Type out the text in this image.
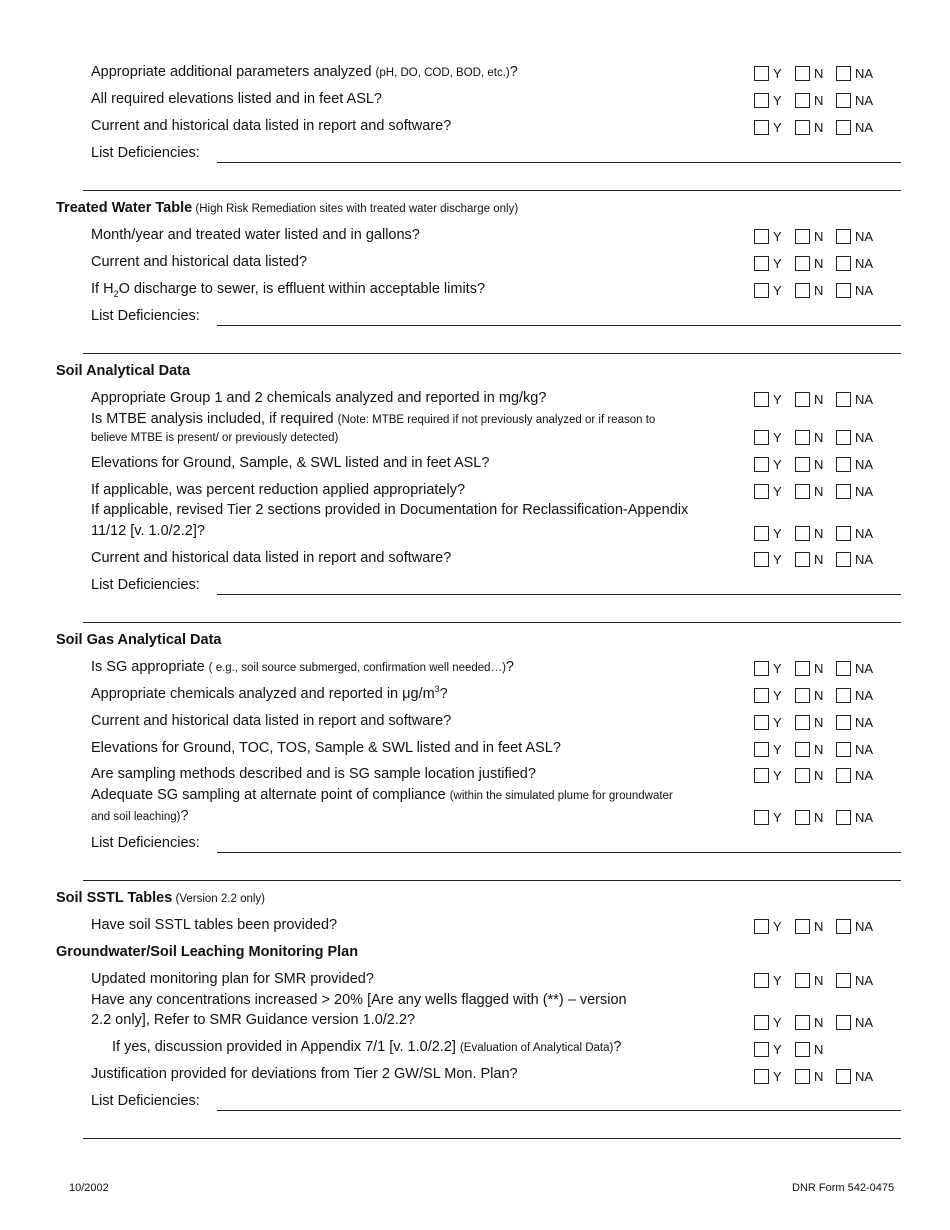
Appropriate additional parameters analyzed (pH, DO, COD, BOD, etc.)?	Y	N	NA
All required elevations listed and in feet ASL?	Y	N	NA
Current and historical data listed in report and software?	Y	N	NA
List Deficiencies:
Treated Water Table (High Risk Remediation sites with treated water discharge only)
Month/year and treated water listed and in gallons?	Y	N	NA
Current and historical data listed?	Y	N	NA
If $H_2O$ discharge to sewer, is effluent within acceptable limits?	Y	N	NA
List Deficiencies:
Soil Analytical Data
Appropriate Group 1 and 2 chemicals analyzed and reported in mg/kg?	Y	N	NA
Is MTBE analysis included, if required (Note: MTBE required if not previously analyzed or if reason to
believe MTBE is present/ or previously detected)	Y	N	NA
Elevations for Ground, Sample, & SWL listed and in feet ASL?	Y	N	NA
If applicable, was percent reduction applied appropriately?	Y	N	NA
If applicable, revised Tier 2 sections provided in Documentation for Reclassification-Appendix
11/12 [v. 1.0/2.2]?	Y	N	NA
Current and historical data listed in report and software?	Y	N	NA
List Deficiencies:
Soil Gas Analytical Data
Is SG appropriate ( e.g., soil source submerged, confirmation well needed…)?	Y	N	NA
Appropriate chemicals analyzed and reported in $\mu g/m^3$?	Y	N	NA
Current and historical data listed in report and software?	Y	N	NA
Elevations for Ground, TOC, TOS, Sample & SWL listed and in feet ASL?	Y	N	NA
Are sampling methods described and is SG sample location justified?	Y	N	NA
Adequate SG sampling at alternate point of compliance (within the simulated plume for groundwater
and soil leaching)?	Y	N	NA
List Deficiencies:
Soil SSTL Tables (Version 2.2 only)
Have soil SSTL tables been provided?	Y	N	NA
Groundwater/Soil Leaching Monitoring Plan
Updated monitoring plan for SMR provided?	Y	N	NA
Have any concentrations increased > 20% [Are any wells flagged with (**) – version
2.2 only], Refer to SMR Guidance version 1.0/2.2?	Y	N	NA
If yes, discussion provided in Appendix 7/1 [v. 1.0/2.2] (Evaluation of Analytical Data)?	Y	N
Justification provided for deviations from Tier 2 GW/SL Mon. Plan?	Y	N	NA
List Deficiencies:
10/2002	DNR Form 542-0475
